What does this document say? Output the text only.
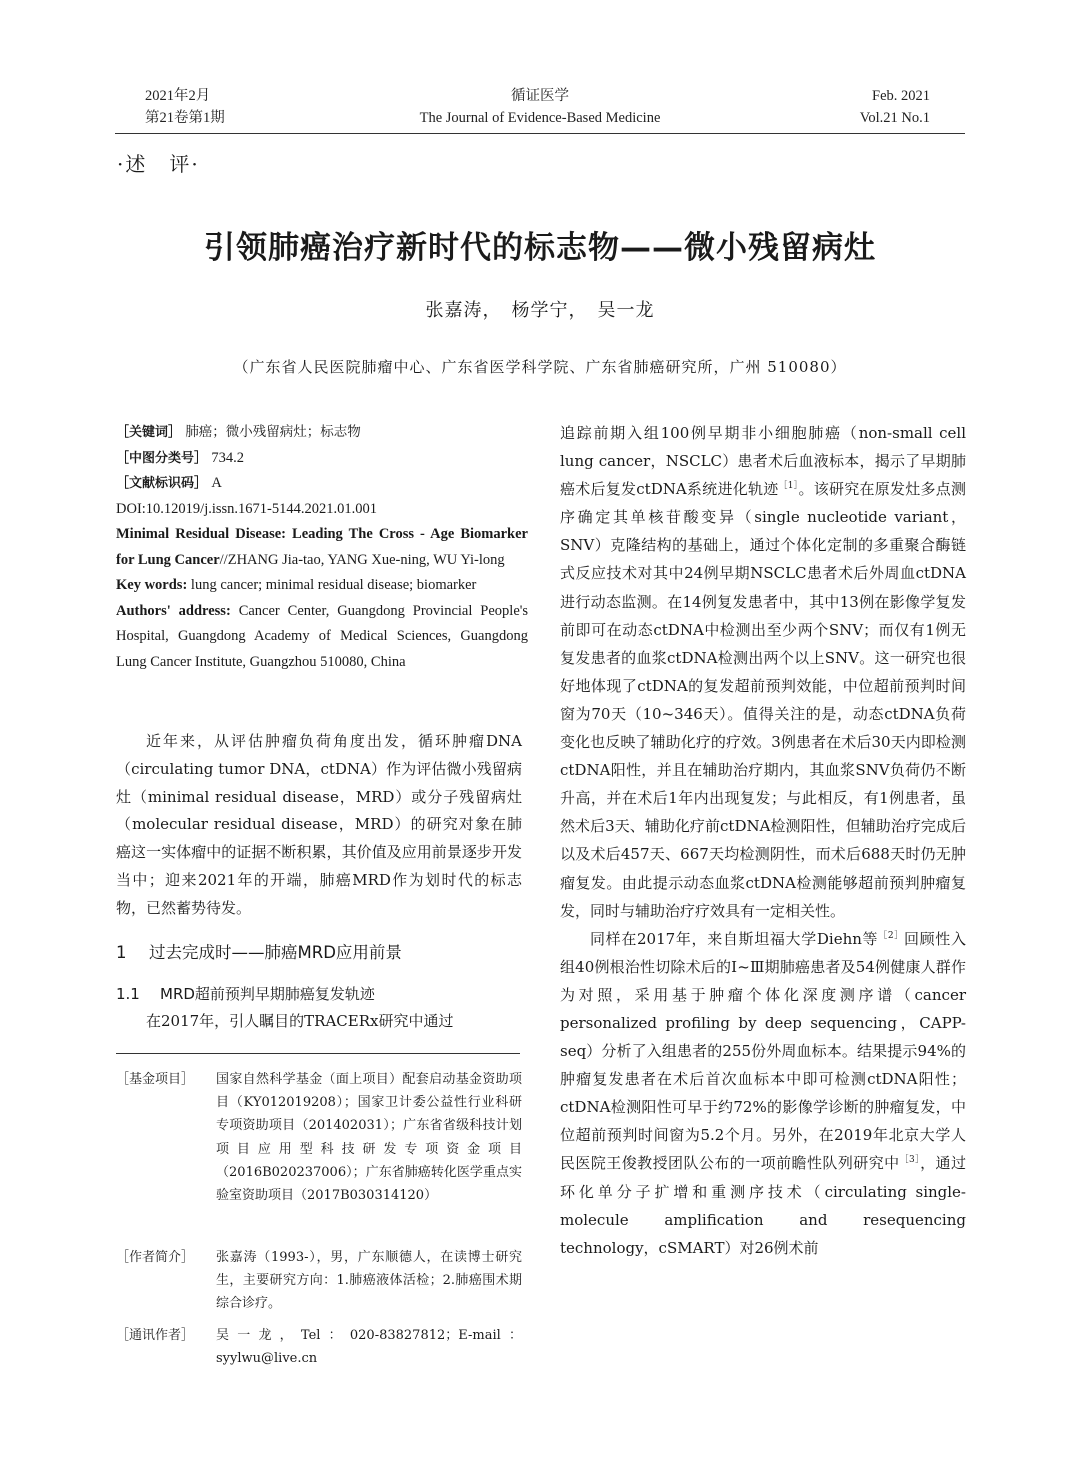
2021年2月
第21卷第1期
循证医学
The Journal of Evidence-Based Medicine
Feb. 2021
Vol.21 No.1
·述　评·
引领肺癌治疗新时代的标志物——微小残留病灶
张嘉涛，　杨学宁，　吴一龙
（广东省人民医院肺瘤中心、广东省医学科学院、广东省肺癌研究所，广州 510080）

［关键词］ 肺癌；微小残留病灶；标志物

［中图分类号］ 734.2

［文献标识码］ A

DOI:10.12019/j.issn.1671-5144.2021.01.001

Minimal Residual Disease: Leading The Cross - Age Biomarker for Lung Cancer//ZHANG Jia-tao, YANG Xue-ning, WU Yi-long

Key words: lung cancer; minimal residual disease; biomarker

Authors' address: Cancer Center, Guangdong Provincial People's Hospital, Guangdong Academy of Medical Sciences, Guangdong Lung Cancer Institute, Guangzhou 510080, China

近年来，从评估肿瘤负荷角度出发，循环肿瘤DNA（circulating tumor DNA，ctDNA）作为评估微小残留病灶（minimal residual disease，MRD）或分子残留病灶（molecular residual disease，MRD）的研究对象在肺癌这一实体瘤中的证据不断积累，其价值及应用前景逐步开发当中；迎来2021年的开端，肺癌MRD作为划时代的标志物，已然蓄势待发。

1 过去完成时——肺癌MRD应用前景
1.1 MRD超前预判早期肺癌复发轨迹
在2017年，引人瞩目的TRACERx研究中通过
［基金项目］ 国家自然科学基金（面上项目）配套启动基金资助项目（KY012019208）；国家卫计委公益性行业科研专项资助项目（201402031）；广东省省级科技计划项目应用型科技研发专项资金项目（2016B020237006）；广东省肺癌转化医学重点实验室资助项目（2017B030314120）
［作者简介］ 张嘉涛（1993-），男，广东顺德人，在读博士研究生，主要研究方向：1.肺癌液体活检；2.肺癌围术期综合诊疗。
［通讯作者］ 吴一龙，Tel：020-83827812；E-mail：syylwu@live.cn

追踪前期入组100例早期非小细胞肺癌（non-small cell lung cancer，NSCLC）患者术后血液标本，揭示了早期肺癌术后复发ctDNA系统进化轨迹$^{[1]}$。该研究在原发灶多点测序确定其单核苷酸变异（single nucleotide variant，SNV）克隆结构的基础上，通过个体化定制的多重聚合酶链式反应技术对其中24例早期NSCLC患者术后外周血ctDNA进行动态监测。在14例复发患者中，其中13例在影像学复发前即可在动态ctDNA中检测出至少两个SNV；而仅有1例无复发患者的血浆ctDNA检测出两个以上SNV。这一研究也很好地体现了ctDNA的复发超前预判效能，中位超前预判时间窗为70天（10~346天）。值得关注的是，动态ctDNA负荷变化也反映了辅助化疗的疗效。3例患者在术后30天内即检测ctDNA阳性，并且在辅助治疗期内，其血浆SNV负荷仍不断升高，并在术后1年内出现复发；与此相反，有1例患者，虽然术后3天、辅助化疗前ctDNA检测阳性，但辅助治疗完成后以及术后457天、667天均检测阴性，而术后688天时仍无肿瘤复发。由此提示动态血浆ctDNA检测能够超前预判肿瘤复发，同时与辅助治疗疗效具有一定相关性。

同样在2017年，来自斯坦福大学Diehn等$^{[2]}$回顾性入组40例根治性切除术后的Ⅰ~Ⅲ期肺癌患者及54例健康人群作为对照，采用基于肿瘤个体化深度测序谱（cancer personalized profiling by deep sequencing，CAPP-seq）分析了入组患者的255份外周血标本。结果提示94%的肿瘤复发患者在术后首次血标本中即可检测ctDNA阳性；ctDNA检测阳性可早于约72%的影像学诊断的肿瘤复发，中位超前预判时间窗为5.2个月。另外，在2019年北京大学人民医院王俊教授团队公布的一项前瞻性队列研究中$^{[3]}$，通过环化单分子扩增和重测序技术（circulating single-molecule amplification and resequencing technology，cSMART）对26例术前
